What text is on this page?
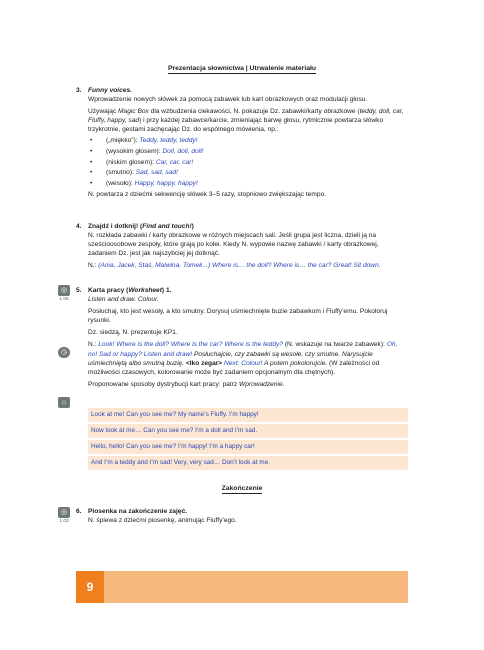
Prezentacja słownictwa | Utrwalenie materiału
3. Funny voices.

Wprowadzenie nowych słówek za pomocą zabawek lub kart obrazkowych oraz modulacji głosu.

Używając Magic Box dla wzbudzenia ciekawości, N. pokazuje Dz. zabawki/karty obrazkowe (teddy, doll, car, Fluffy, happy, sad) i przy każdej zabawce/karcie, zmieniając barwę głosu, rytmicznie powtarza słówko trzykrotnie, gestami zachęcając Dz. do wspólnego mówienia, np.:

• („miękko”): Teddy, teddy, teddy!
• (wysokim głosem): Doll, doll, doll!
• (niskim głosem): Car, car, car!
• (smutno): Sad, sad, sad!
• (wesoło): Happy, happy, happy!

N. powtarza z dziećmi sekwencję słówek 3–5 razy, stopniowo zwiększając tempo.

4. Znajdź i dotknij! (Find and touch!)

N. rozkłada zabawki / karty obrazkowe w różnych miejscach sali. Jeśli grupa jest liczna, dzieli ją na sześcioosobowe zespoły, które grają po kolei. Kiedy N. wypowie nazwę zabawki / karty obrazkowej, zadaniem Dz. jest jak najszybciej jej dotknąć.

N.: (Ania, Jacek, Staś, Malwina, Tomek...) Where is… the doll? Where is… the car? Great! Sit down.

◎
1.06
5. Karta pracy (Worksheet) 1.

Listen and draw. Colour.

Posłuchaj, kto jest wesoły, a kto smutny. Dorysuj uśmiechnięte buzie zabawkom i Fluffy’emu. Pokoloruj rysunki.

Dz. siedzą, N. prezentuje KP1.

N.: Look! Where is the doll? Where is the car? Where is the teddy? (N. wskazuje na twarze zabawek): Oh, no! Sad or happy? Listen and draw! Posłuchajcie, czy zabawki są wesołe, czy smutne. Narysujcie uśmiechniętą albo smutną buzię. <Iko zegar> Next: Colour! A potem pokolorujcie. (W zależności od możliwości czasowych, kolorowanie może być zadaniem opcjonalnym dla chętnych).

Proponowane sposoby dystrybucji kart pracy: patrz Wprowadzenie.

◷
⌂
Look at me! Can you see me? My name’s Fluffy. I’m happy!
Now look at me… Can you see me? I’m a doll and I’m sad.
Hello, hello! Can you see me? I’m happy! I’m a happy car!
And I’m a teddy and I’m sad! Very, very sad… Don’t look at me.
Zakończenie
◎
1.03
6. Piosenka na zakończenie zajęć.

N. śpiewa z dziećmi piosenkę, animując Fluffy’ego.

9
